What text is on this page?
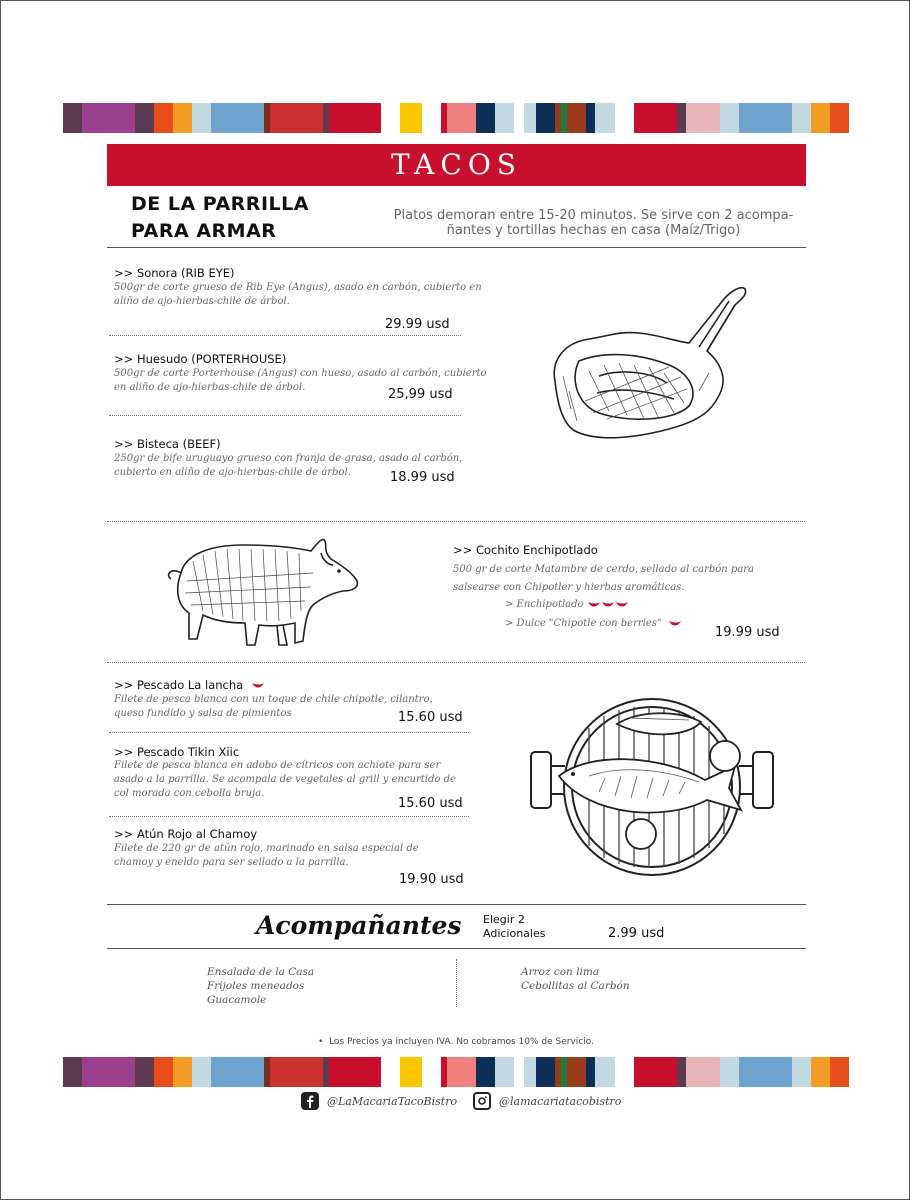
TACOS
DE LA PARRILLA
PARA ARMAR
Platos demoran entre 15-20 minutos. Se sirve con 2 acompa-ñantes y tortillas hechas en casa (Maíz/Trigo)
>> Sonora (RIB EYE)
500gr de corte grueso de Rib Eye (Angus), asado en carbón, cubierto en aliño de ajo-hierbas-chile de árbol.
29.99 usd
>> Huesudo (PORTERHOUSE)
500gr de corte Porterhouse (Angus) con hueso, asado al carbón, cubierto en aliño de ajo-hierbas-chile de árbol.	25,99 usd
>> Bisteca (BEEF)
250gr de bife uruguayo grueso con franja de grasa, asado al carbón, cubierto en aliño de ajo-hierbas-chile de árbol.	18.99 usd
>> Cochito Enchipotlado
500 gr de corte Matambre de cerdo, sellado al carbón para salsearse con Chipotler y hierbas aromáticas.
> Enchipotlado
> Dulce "Chipotle con berries"
19.99 usd
>> Pescado La lancha
Filete de pesca blanca con un toque de chile chipotle, cilantro, queso fundido y salsa de pimientos	15.60 usd
>> Pescado Tikin Xiic
Filete de pesca blanca en adobo de cítricos con achiote para ser asado a la parrilla. Se acompala de vegetales al grill y encurtido de col morada con cebolla bruja.
15.60 usd
>> Atún Rojo al Chamoy
Filete de 220 gr de atún rojo, marinado en salsa especial de chamoy y eneldo para ser sellado a la parrilla.
19.90 usd
Acompañantes Elegir 2
Adicionales	2.99 usd
Ensalada de la Casa
Frijoles meneados
Guacamole
Arroz con lima
Cebollitas al Carbón
•  Los Precios ya incluyen IVA. No cobramos 10% de Servicio.
@LaMacariaTacoBistro	@lamacariatacobistro
